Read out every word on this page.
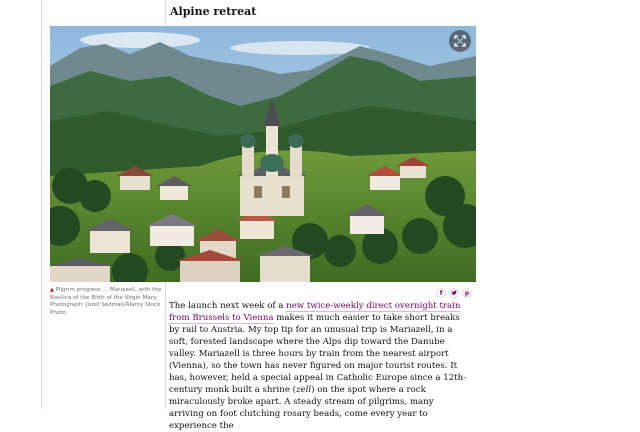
Alpine retreat
▲ Pilgrim progress … Mariazell, with the Basilica of the Birth of the Virgin Mary. Photograph: Jozef Sedmak/Alamy Stock Photo
f	p

The launch next week of a new twice-weekly direct overnight train from Brussels to Vienna makes it much easier to take short breaks by rail to Austria. My top tip for an unusual trip is Mariazell, in a soft, forested landscape where the Alps dip toward the Danube valley. Mariazell is three hours by train from the nearest airport (Vienna), so the town has never figured on major tourist routes. It has, however, held a special appeal in Catholic Europe since a 12th-century monk built a shrine (zell) on the spot where a rock miraculously broke apart. A steady stream of pilgrims, many arriving on foot clutching rosary beads, come every year to experience the
